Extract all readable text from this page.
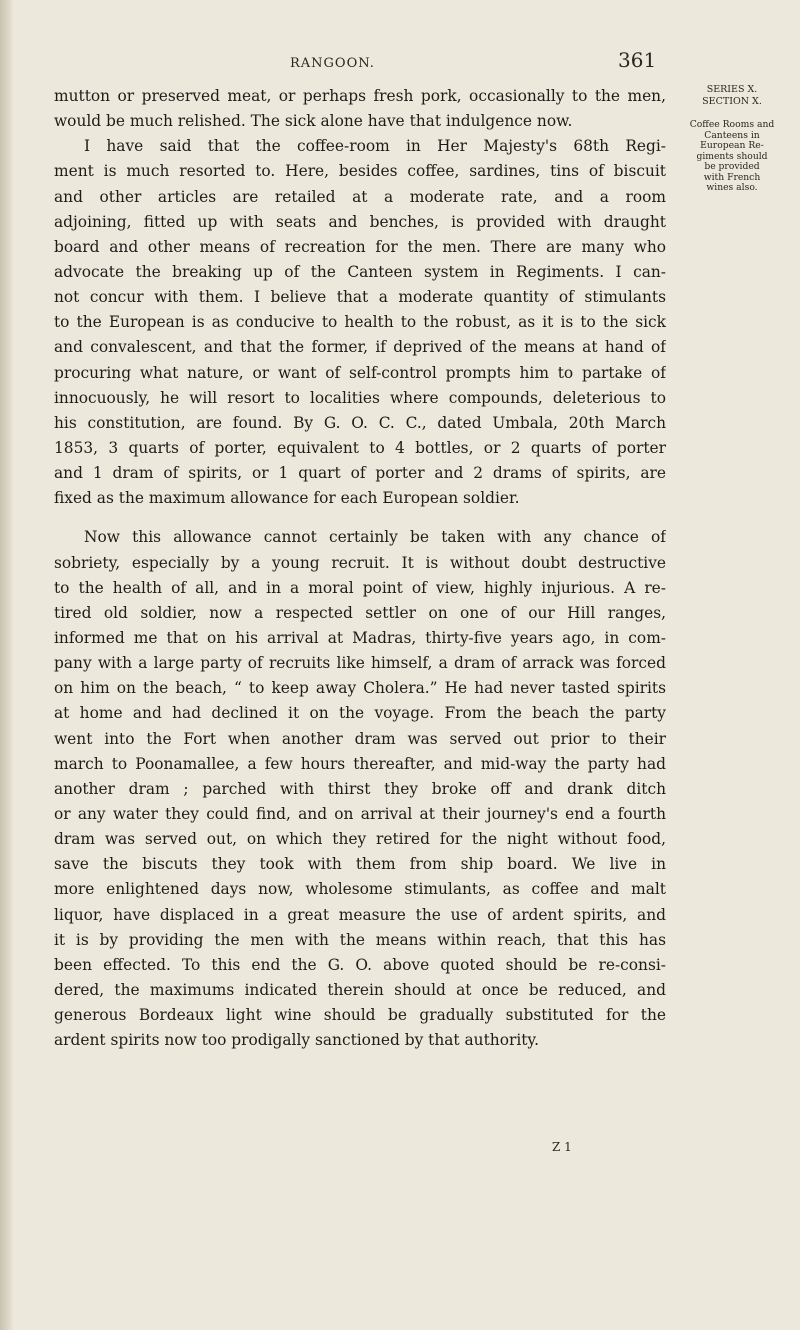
RANGOON.	361
SERIES X.
SECTION X.
Coffee Rooms and
Canteens in
European Re-
giments should
be provided
with French
wines also.
mutton or preserved meat, or perhaps fresh pork, occasionally to the men,
would be much relished. The sick alone have that indulgence now.
I have said that the coffee-room in Her Majesty's 68th Regi-
ment is much resorted to. Here, besides coffee, sardines, tins of biscuit
and other articles are retailed at a moderate rate, and a room
adjoining, fitted up with seats and benches, is provided with draught
board and other means of recreation for the men. There are many who
advocate the breaking up of the Canteen system in Regiments. I can-
not concur with them. I believe that a moderate quantity of stimulants
to the European is as conducive to health to the robust, as it is to the sick
and convalescent, and that the former, if deprived of the means at hand of
procuring what nature, or want of self-control prompts him to partake of
innocuously, he will resort to localities where compounds, deleterious to
his constitution, are found. By G. O. C. C., dated Umbala, 20th March
1853, 3 quarts of porter, equivalent to 4 bottles, or 2 quarts of porter
and 1 dram of spirits, or 1 quart of porter and 2 drams of spirits, are
fixed as the maximum allowance for each European soldier.
Now this allowance cannot certainly be taken with any chance of
sobriety, especially by a young recruit. It is without doubt destructive
to the health of all, and in a moral point of view, highly injurious. A re-
tired old soldier, now a respected settler on one of our Hill ranges,
informed me that on his arrival at Madras, thirty-five years ago, in com-
pany with a large party of recruits like himself, a dram of arrack was forced
on him on the beach, “ to keep away Cholera.” He had never tasted spirits
at home and had declined it on the voyage. From the beach the party
went into the Fort when another dram was served out prior to their
march to Poonamallee, a few hours thereafter, and mid-way the party had
another dram ; parched with thirst they broke off and drank ditch
or any water they could find, and on arrival at their journey's end a fourth
dram was served out, on which they retired for the night without food,
save the biscuts they took with them from ship board. We live in
more enlightened days now, wholesome stimulants, as coffee and malt
liquor, have displaced in a great measure the use of ardent spirits, and
it is by providing the men with the means within reach, that this has
been effected. To this end the G. O. above quoted should be re-consi-
dered, the maximums indicated therein should at once be reduced, and
generous Bordeaux light wine should be gradually substituted for the
ardent spirits now too prodigally sanctioned by that authority.
Z 1
